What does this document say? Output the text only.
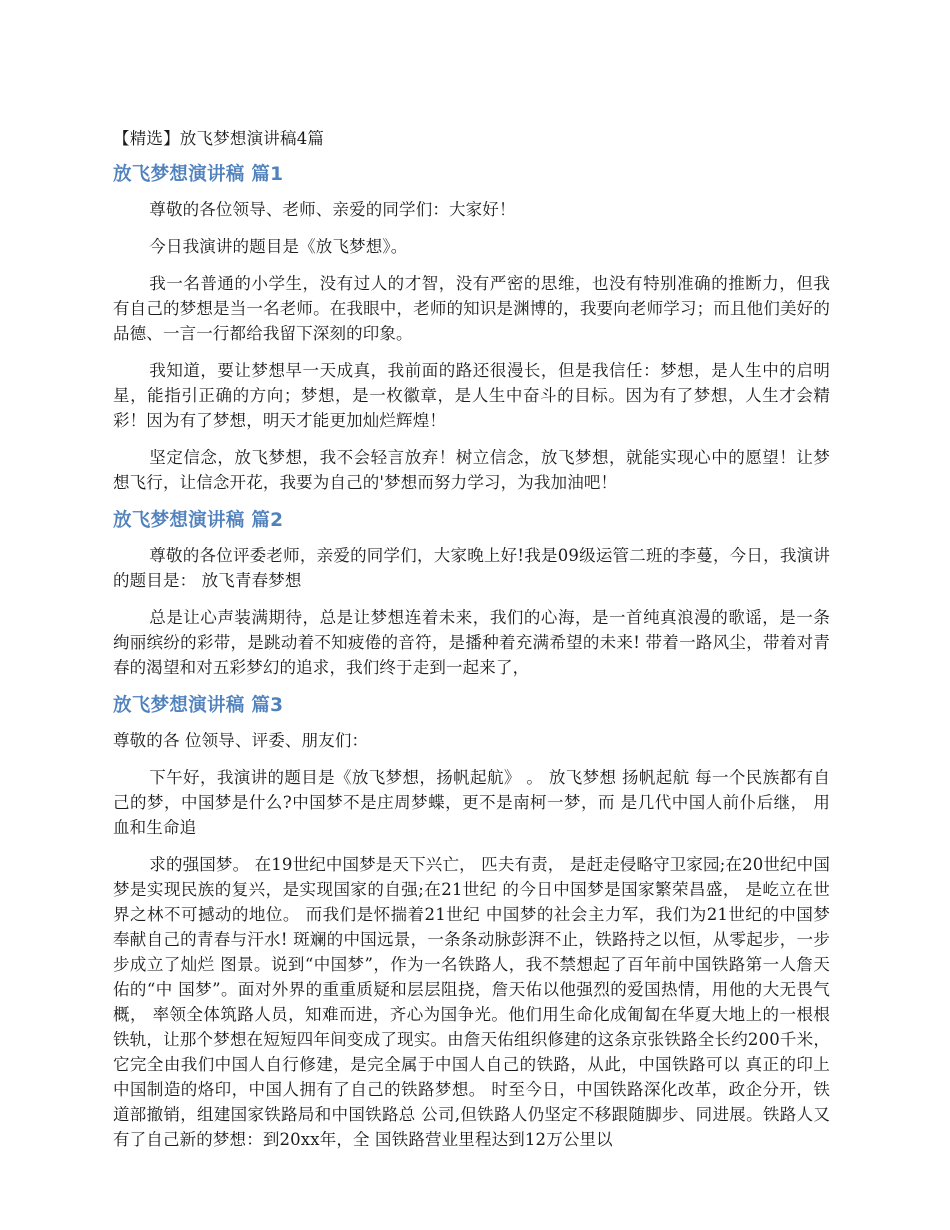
【精选】放飞梦想演讲稿4篇
放飞梦想演讲稿 篇1

尊敬的各位领导、老师、亲爱的同学们：大家好！

今日我演讲的题目是《放飞梦想》。

我一名普通的小学生，没有过人的才智，没有严密的思维，也没有特别准确的推断力，但我有自己的梦想是当一名老师。在我眼中，老师的知识是渊博的，我要向老师学习；而且他们美好的品德、一言一行都给我留下深刻的印象。

我知道，要让梦想早一天成真，我前面的路还很漫长，但是我信任：梦想，是人生中的启明星，能指引正确的方向；梦想，是一枚徽章，是人生中奋斗的目标。因为有了梦想，人生才会精彩！因为有了梦想，明天才能更加灿烂辉煌！

坚定信念，放飞梦想，我不会轻言放弃！树立信念，放飞梦想，就能实现心中的愿望！让梦想飞行，让信念开花，我要为自己的'梦想而努力学习，为我加油吧！

放飞梦想演讲稿 篇2

尊敬的各位评委老师，亲爱的同学们，大家晚上好!我是09级运管二班的李蔓，今日，我演讲的题目是： 放飞青春梦想

总是让心声装满期待，总是让梦想连着未来，我们的心海，是一首纯真浪漫的歌谣，是一条绚丽缤纷的彩带，是跳动着不知疲倦的音符，是播种着充满希望的未来! 带着一路风尘，带着对青春的渴望和对五彩梦幻的追求，我们终于走到一起来了，

放飞梦想演讲稿 篇3

尊敬的各 位领导、评委、朋友们：

下午好，我演讲的题目是《放飞梦想，扬帆起航》 。 放飞梦想 扬帆起航 每一个民族都有自己的梦，中国梦是什么?中国梦不是庄周梦蝶，更不是南柯一梦，而 是几代中国人前仆后继， 用血和生命追

求的强国梦。 在19世纪中国梦是天下兴亡， 匹夫有责， 是赶走侵略守卫家园;在20世纪中国梦是实现民族的复兴，是实现国家的自强;在21世纪 的今日中国梦是国家繁荣昌盛， 是屹立在世界之林不可撼动的地位。 而我们是怀揣着21世纪 中国梦的社会主力军，我们为21世纪的中国梦奉献自己的青春与汗水! 斑斓的中国远景，一条条动脉彭湃不止，铁路持之以恒，从零起步，一步步成立了灿烂 图景。说到“中国梦”，作为一名铁路人，我不禁想起了百年前中国铁路第一人詹天佑的“中 国梦”。面对外界的重重质疑和层层阻挠，詹天佑以他强烈的爱国热情，用他的大无畏气概， 率领全体筑路人员，知难而进，齐心为国争光。他们用生命化成匍匐在华夏大地上的一根根 铁轨，让那个梦想在短短四年间变成了现实。由詹天佑组织修建的这条京张铁路全长约200千米，它完全由我们中国人自行修建，是完全属于中国人自己的铁路，从此，中国铁路可以 真正的印上中国制造的烙印，中国人拥有了自己的铁路梦想。 时至今日，中国铁路深化改革，政企分开，铁道部撤销，组建国家铁路局和中国铁路总 公司,但铁路人仍坚定不移跟随脚步、同进展。铁路人又有了自己新的梦想：到20xx年，全 国铁路营业里程达到12万公里以
